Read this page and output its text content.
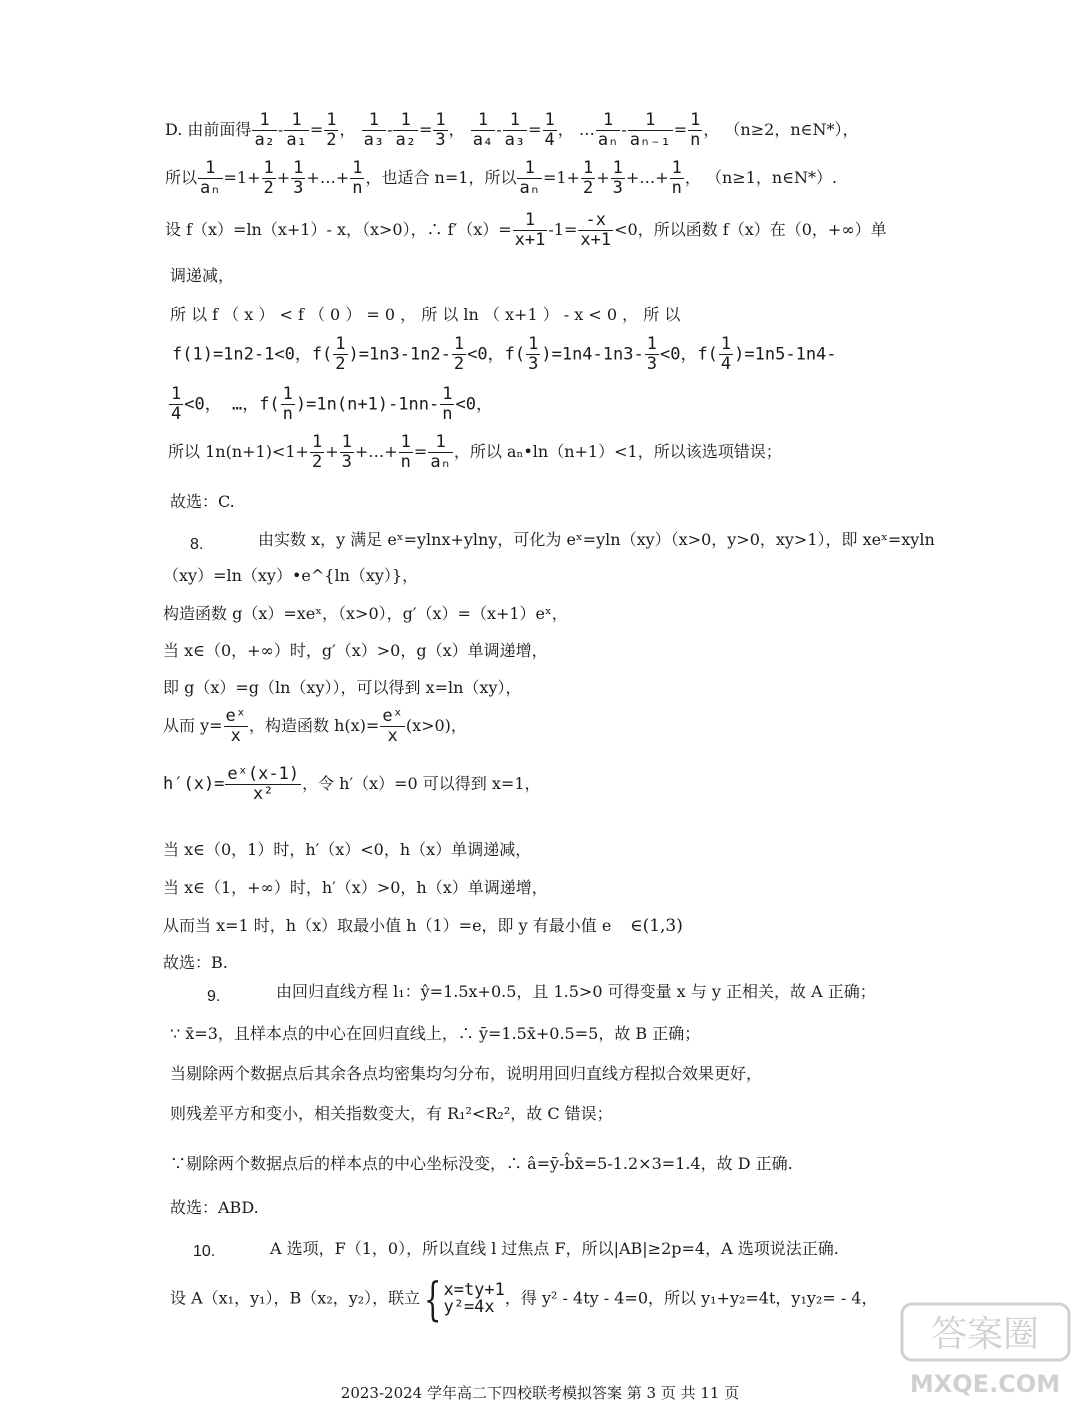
D. 由前面得 $\frac{1}{\text{a₂}} - \frac{1}{\text{a₁}} = \frac{1}{2}$ ， $\frac{1}{\text{a₃}} - \frac{1}{\text{a₂}} = \frac{1}{3}$ ， $\frac{1}{\text{a₄}} - \frac{1}{\text{a₃}} = \frac{1}{4}$ ， … $\frac{1}{\text{aₙ}} - \frac{1}{\text{aₙ₋₁}} = \frac{1}{n}$ ， （n≥2，n∈N*），
所以 $\frac{1}{\text{aₙ}} =1+ \frac{1}{2} + \frac{1}{3}$ +…+ $\frac{1}{n}$ ，也适合 n=1，所以 $\frac{1}{\text{aₙ}} =1+ \frac{1}{2} + \frac{1}{3}$ +…+ $\frac{1}{n}$ ， （n≥1，n∈N*）.
设 f（x）=ln（x+1）- x，（x>0），∴ $f'(x)= \frac{1}{x+1} -1= \frac{-x}{x+1} <0$，所以函数 f（x）在（0，+∞）单
调递减，
所 以 f （ x ） < f （ 0 ） = 0 ， 所 以 ln （ x+1 ） - x < 0 ， 所 以
f(1)=1n2-1<0，$f( \frac{1}{2} )=1n3-1n2- \frac{1}{2} <0$，$f( \frac{1}{3} )=1n4-1n3- \frac{1}{3} <0$，$f( \frac{1}{4} )=1n5-1n4-$
$\frac{1}{4} <0$， …，$f( \frac{1}{n} )=1n(n+1)-1nn- \frac{1}{n} <0$，
所以 $1n(n+1)<1+ \frac{1}{2} + \frac{1}{3}$ +…+ $\frac{1}{n} = \frac{1}{\text{aₙ}}$ ，所以 aₙ•ln（n+1）<1，所以该选项错误；
故选：C.
8.	由实数 x，y 满足 eˣ=ylnx+ylny，可化为 eˣ=yln（xy）（x>0，y>0，xy>1），即 xeˣ=xyln
（xy）=ln（xy）•e^{ln（xy）}，
构造函数 g（x）=xeˣ，（x>0），g′（x）=（x+1）eˣ，
当 x∈（0，+∞）时，g′（x）>0，g（x）单调递增，
即 g（x）=g（ln（xy）），可以得到 x=ln（xy），
从而 $y= \frac{\text{eˣ}}{x}$ ，构造函数 $h(x)= \frac{\text{eˣ}}{x} (x>0)$，
$h'(x)= \frac{\text{eˣ(x-1)}}{\text{x²}}$ ，令 h′（x）=0 可以得到 x=1，
当 x∈（0，1）时，h′（x）<0，h（x）单调递减，
当 x∈（1，+∞）时，h′（x）>0，h（x）单调递增，
从而当 x=1 时，h（x）取最小值 h（1）=e，即 y 有最小值 e ∈(1,3)
故选：B.
9.	由回归直线方程 l₁：ŷ=1.5x+0.5，且 1.5>0 可得变量 x 与 y 正相关，故 A 正确；
∵ x̄=3，且样本点的中心在回归直线上，∴ ȳ=1.5x̄+0.5=5，故 B 正确；
当剔除两个数据点后其余各点均密集均匀分布，说明用回归直线方程拟合效果更好，
则残差平方和变小，相关指数变大，有 R₁²<R₂²，故 C 错误；
∵剔除两个数据点后的样本点的中心坐标没变，∴ â=ȳ-b̂x̄=5-1.2×3=1.4，故 D 正确.
故选：ABD.
10.	A 选项，F（1，0），所以直线 l 过焦点 F，所以|AB|≥2p=4，A 选项说法正确.
设 A（x₁，y₁），B（x₂，y₂），联立{ x=ty+1
y²=4x ，得 y² - 4ty - 4=0，所以 y₁+y₂=4t，y₁y₂= - 4，
2023-2024 学年高二下四校联考模拟答案 第 3 页 共 11 页
答案圈
MXQE.COM
